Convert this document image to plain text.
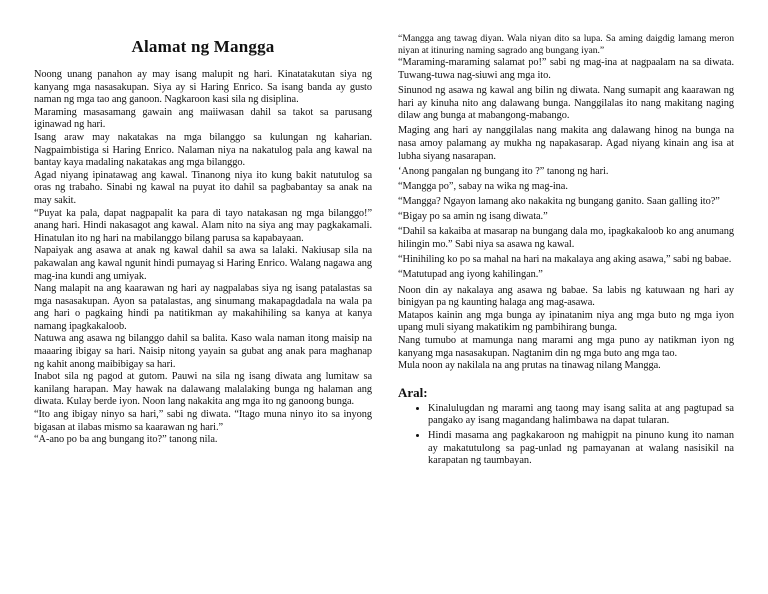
Alamat ng Mangga

Noong unang panahon ay may isang malupit ng hari. Kinatatakutan siya ng kanyang mga nasasakupan. Siya ay si Haring Enrico. Sa isang banda ay gusto naman ng mga tao ang ganoon. Nagkaroon kasi sila ng disiplina.

Maraming masasamang gawain ang maiiwasan dahil sa takot sa parusang iginawad ng hari.

Isang araw may nakatakas na mga bilanggo sa kulungan ng kaharian. Nagpaimbistiga si Haring Enrico. Nalaman niya na nakatulog pala ang kawal na bantay kaya madaling nakatakas ang mga bilanggo.

Agad niyang ipinatawag ang kawal. Tinanong niya ito kung bakit natutulog sa oras ng trabaho. Sinabi ng kawal na puyat ito dahil sa pagbabantay sa anak na may sakit.

“Puyat ka pala, dapat nagpapalit ka para di tayo natakasan ng mga bilanggo!” anang hari. Hindi nakasagot ang kawal. Alam nito na siya ang may pagkakamali. Hinatulan ito ng hari na mabilanggo bilang parusa sa kapabayaan.

Napaiyak ang asawa at anak ng kawal dahil sa awa sa lalaki. Nakiusap sila na pakawalan ang kawal ngunit hindi pumayag si Haring Enrico. Walang nagawa ang mag-ina kundi ang umiyak.

Nang malapit na ang kaarawan ng hari ay nagpalabas siya ng isang patalastas sa mga nasasakupan. Ayon sa patalastas, ang sinumang makapagdadala na wala pa ang hari o pagkaing hindi pa natitikman ay makahihiling sa kanya at kanya namang ipagkakaloob.

Natuwa ang asawa ng bilanggo dahil sa balita. Kaso wala naman itong maisip na maaaring ibigay sa hari. Naisip nitong yayain sa gubat ang anak para maghanap ng kahit anong maibibigay sa hari.

Inabot sila ng pagod at gutom. Pauwi na sila ng isang diwata ang lumitaw sa kanilang harapan. May hawak na dalawang malalaking bunga ng halaman ang diwata. Kulay berde iyon. Noon lang nakakita ang mga ito ng ganoong bunga.

“Ito ang ibigay ninyo sa hari,” sabi ng diwata. “Itago muna ninyo ito sa inyong bigasan at ilabas mismo sa kaarawan ng hari.”

“A-ano po ba ang bungang ito?” tanong nila.

“Mangga ang tawag diyan. Wala niyan dito sa lupa. Sa aming daigdig lamang meron niyan at itinuring naming sagrado ang bungang iyan.”

“Maraming-maraming salamat po!” sabi ng mag-ina at nagpaalam na sa diwata. Tuwang-tuwa nag-siuwi ang mga ito.

Sinunod ng asawa ng kawal ang bilin ng diwata. Nang sumapit ang kaarawan ng hari ay kinuha nito ang dalawang bunga. Nanggilalas ito nang makitang naging dilaw ang bunga at mabangong-mabango.

Maging ang hari ay nanggilalas nang makita ang dalawang hinog na bunga na nasa amoy palamang ay mukha ng napakasarap. Agad niyang kinain ang isa at lubha siyang nasarapan.

‘Anong pangalan ng bungang ito ?” tanong ng hari.

“Mangga po”, sabay na wika ng mag-ina.

“Mangga? Ngayon lamang ako nakakita ng bungang ganito. Saan galling ito?”

“Bigay po sa amin ng isang diwata.”

“Dahil sa kakaiba at masarap na bungang dala mo, ipagkakaloob ko ang anumang hilingin mo.” Sabi niya sa asawa ng kawal.

“Hinihiling ko po sa mahal na hari na makalaya ang aking asawa,” sabi ng babae.

“Matutupad ang iyong kahilingan.”

Noon din ay nakalaya ang asawa ng babae. Sa labis ng katuwaan ng hari ay binigyan pa ng kaunting halaga ang mag-asawa.

Matapos kainin ang mga bunga ay ipinatanim niya ang mga buto ng mga iyon upang muli siyang makatikim ng pambihirang bunga.

Nang tumubo at mamunga nang marami ang mga puno ay natikman iyon ng kanyang mga nasasakupan. Nagtanim din ng mga buto ang mga tao.

Mula noon ay nakilala na ang prutas na tinawag nilang Mangga.

Aral:
• Kinalulugdan ng marami ang taong may isang salita at ang pagtupad sa pangako ay isang magandang halimbawa na dapat tularan.
• Hindi masama ang pagkakaroon ng mahigpit na pinuno kung ito naman ay makatutulong sa pag-unlad ng pamayanan at walang nasisikil na karapatan ng taumbayan.
